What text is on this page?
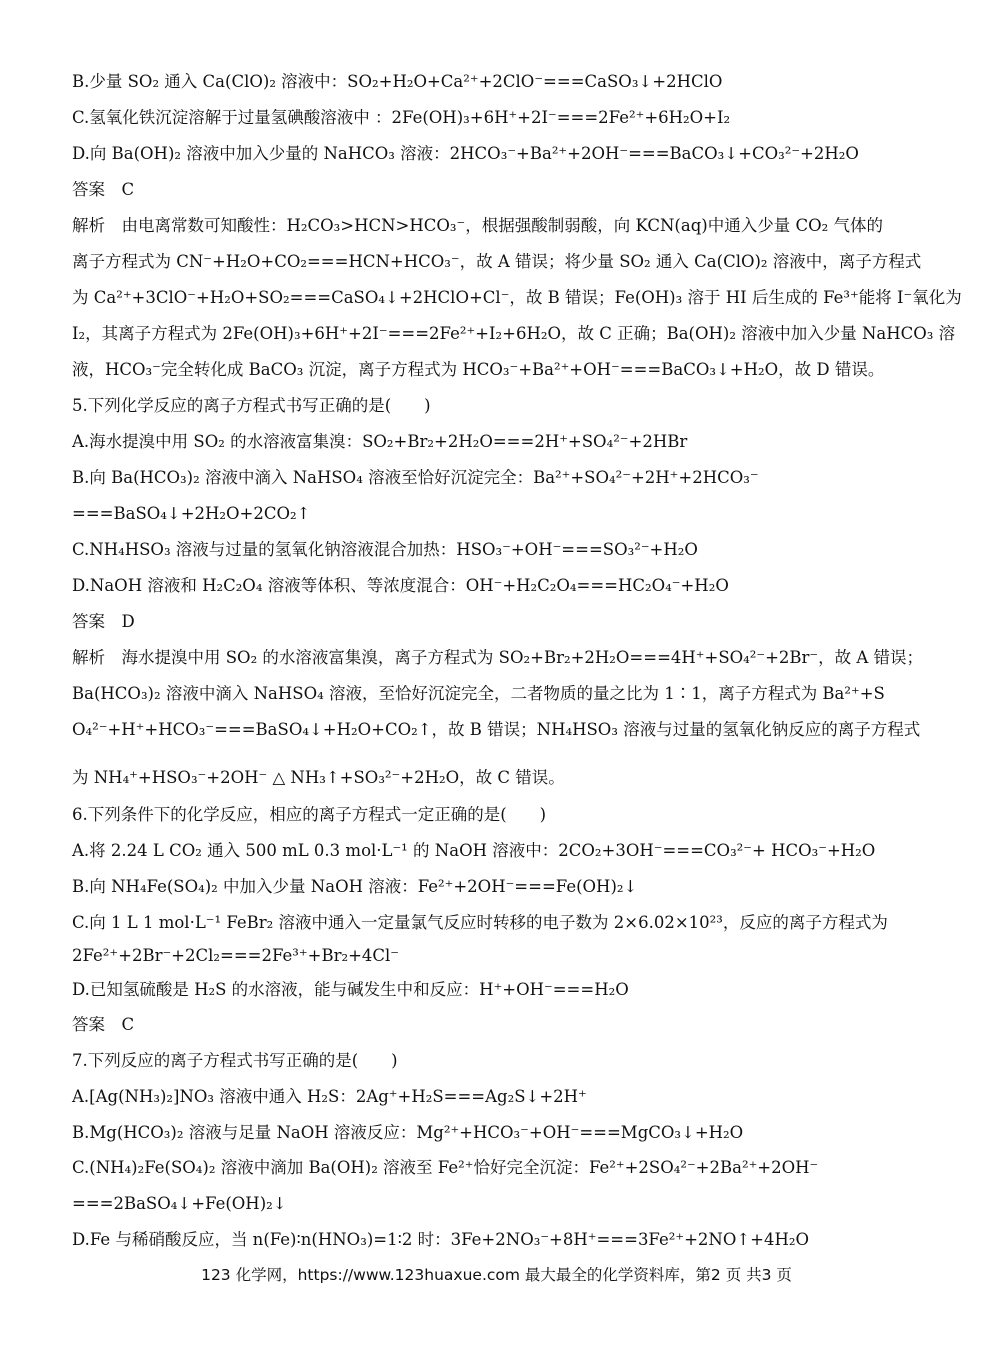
B.少量 SO₂ 通入 Ca(ClO)₂ 溶液中：SO₂+H₂O+Ca²⁺+2ClO⁻===CaSO₃↓+2HClO
C.氢氧化铁沉淀溶解于过量氢碘酸溶液中 ：2Fe(OH)₃+6H⁺+2I⁻===2Fe²⁺+6H₂O+I₂
D.向 Ba(OH)₂ 溶液中加入少量的 NaHCO₃ 溶液：2HCO₃⁻+Ba²⁺+2OH⁻===BaCO₃↓+CO₃²⁻+2H₂O
答案　C
解析　由电离常数可知酸性：H₂CO₃>HCN>HCO₃⁻，根据强酸制弱酸，向 KCN(aq)中通入少量 CO₂ 气体的
离子方程式为 CN⁻+H₂O+CO₂===HCN+HCO₃⁻，故 A 错误；将少量 SO₂ 通入 Ca(ClO)₂ 溶液中，离子方程式
为 Ca²⁺+3ClO⁻+H₂O+SO₂===CaSO₄↓+2HClO+Cl⁻，故 B 错误；Fe(OH)₃ 溶于 HI 后生成的 Fe³⁺能将 I⁻氧化为
I₂，其离子方程式为 2Fe(OH)₃+6H⁺+2I⁻===2Fe²⁺+I₂+6H₂O，故 C 正确；Ba(OH)₂ 溶液中加入少量 NaHCO₃ 溶
液，HCO₃⁻完全转化成 BaCO₃ 沉淀，离子方程式为 HCO₃⁻+Ba²⁺+OH⁻===BaCO₃↓+H₂O，故 D 错误。
5.下列化学反应的离子方程式书写正确的是(　　)
A.海水提溴中用 SO₂ 的水溶液富集溴：SO₂+Br₂+2H₂O===2H⁺+SO₄²⁻+2HBr
B.向 Ba(HCO₃)₂ 溶液中滴入 NaHSO₄ 溶液至恰好沉淀完全：Ba²⁺+SO₄²⁻+2H⁺+2HCO₃⁻
===BaSO₄↓+2H₂O+2CO₂↑
C.NH₄HSO₃ 溶液与过量的氢氧化钠溶液混合加热：HSO₃⁻+OH⁻===SO₃²⁻+H₂O
D.NaOH 溶液和 H₂C₂O₄ 溶液等体积、等浓度混合：OH⁻+H₂C₂O₄===HC₂O₄⁻+H₂O
答案　D
解析　海水提溴中用 SO₂ 的水溶液富集溴，离子方程式为 SO₂+Br₂+2H₂O===4H⁺+SO₄²⁻+2Br⁻，故 A 错误；
Ba(HCO₃)₂ 溶液中滴入 NaHSO₄ 溶液，至恰好沉淀完全，二者物质的量之比为 1∶1，离子方程式为 Ba²⁺+S
O₄²⁻+H⁺+HCO₃⁻===BaSO₄↓+H₂O+CO₂↑，故 B 错误；NH₄HSO₃ 溶液与过量的氢氧化钠反应的离子方程式
为 NH₄⁺+HSO₃⁻+2OH⁻ △ NH₃↑+SO₃²⁻+2H₂O，故 C 错误。
6.下列条件下的化学反应，相应的离子方程式一定正确的是(　　)
A.将 2.24 L CO₂ 通入 500 mL 0.3 mol·L⁻¹ 的 NaOH 溶液中：2CO₂+3OH⁻===CO₃²⁻+ HCO₃⁻+H₂O
B.向 NH₄Fe(SO₄)₂ 中加入少量 NaOH 溶液：Fe²⁺+2OH⁻===Fe(OH)₂↓
C.向 1 L 1 mol·L⁻¹ FeBr₂ 溶液中通入一定量氯气反应时转移的电子数为 2×6.02×10²³，反应的离子方程式为
2Fe²⁺+2Br⁻+2Cl₂===2Fe³⁺+Br₂+4Cl⁻
D.已知氢硫酸是 H₂S 的水溶液，能与碱发生中和反应：H⁺+OH⁻===H₂O
答案　C
7.下列反应的离子方程式书写正确的是(　　)
A.[Ag(NH₃)₂]NO₃ 溶液中通入 H₂S：2Ag⁺+H₂S===Ag₂S↓+2H⁺
B.Mg(HCO₃)₂ 溶液与足量 NaOH 溶液反应：Mg²⁺+HCO₃⁻+OH⁻===MgCO₃↓+H₂O
C.(NH₄)₂Fe(SO₄)₂ 溶液中滴加 Ba(OH)₂ 溶液至 Fe²⁺恰好完全沉淀：Fe²⁺+2SO₄²⁻+2Ba²⁺+2OH⁻
===2BaSO₄↓+Fe(OH)₂↓
D.Fe 与稀硝酸反应，当 n(Fe)∶n(HNO₃)=1∶2 时：3Fe+2NO₃⁻+8H⁺===3Fe²⁺+2NO↑+4H₂O
123 化学网，https://www.123huaxue.com 最大最全的化学资料库，第2 页 共3 页
